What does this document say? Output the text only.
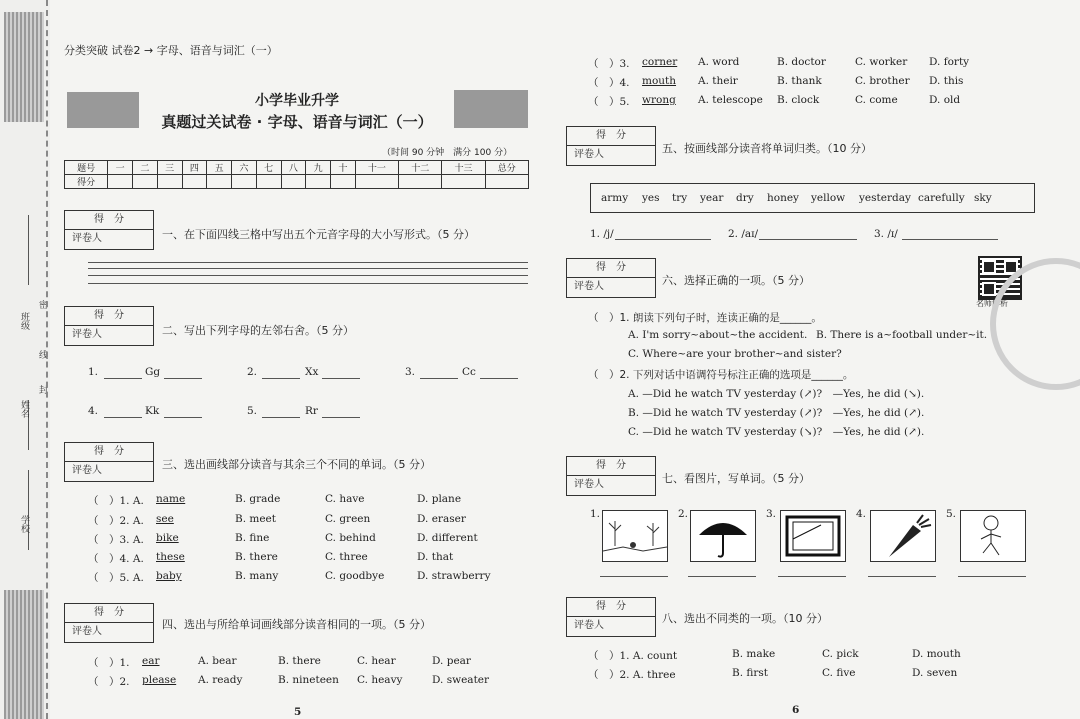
班级
姓名
密
封
线
学校
分类突破 试卷2 → 字母、语音与词汇（一）
小学毕业升学
真题过关试卷 · 字母、语音与词汇（一）
（时间 90 分钟　满分 100 分）
题号	一	二	三	四	五	六	七	八	九	十	十一	十二	十三	总分
得分														
得　分
评卷人	一、在下面四线三格中写出五个元音字母的大小写形式。（5 分）
得　分
评卷人	二、写出下列字母的左邻右舍。（5 分）
1.	Gg	2.	Xx	3.	Cc
4.	Kk	5.	Rr
得　分
评卷人	三、选出画线部分读音与其余三个不同的单词。（5 分）
（　）1. A. name	B. grade	C. have	D. plane
（　）2. A. see	B. meet	C. green	D. eraser
（　）3. A. bike	B. fine	C. behind	D. different
（　）4. A. these	B. there	C. three	D. that
（　）5. A. baby	B. many	C. goodbye	D. strawberry
得　分
评卷人
四、选出与所给单词画线部分读音相同的一项。（5 分）
（　）1. ear	A. bear	B. there	C. hear	D. pear
（　）2. please A. ready	B. nineteen C. heavy	D. sweater
5
（　）3. corner A. word	B. doctor	C. worker D. forty
（　）4. mouth A. their	B. thank	C. brother D. this
（　）5. wrong A. telescope B. clock	C. come	D. old
得　分
评卷人	五、按画线部分读音将单词归类。（10 分）
army yes try year dry honey yellow yesterday carefully sky
1. /j/	2. /aɪ/	3. /ɪ/
名师解析
得　分
评卷人	六、选择正确的一项。（5 分）
（　）1. 朗读下列句子时，连读正确的是______。
A. I'm sorry~about~the accident. B. There is a~football under~it.
C. Where~are your brother~and sister?
（　）2. 下列对话中语调符号标注正确的选项是______。
A. —Did he watch TV yesterday (↗)?　—Yes, he did (↘).
B. —Did he watch TV yesterday (↗)?　—Yes, he did (↗).
C. —Did he watch TV yesterday (↘)?　—Yes, he did (↗).
得　分
评卷人	七、看图片，写单词。（5 分）
1.	2.	3.	4.	5.
得　分
评卷人
八、选出不同类的一项。（10 分）
（　）1. A. count	B. make	C. pick	D. mouth
（　）2. A. three	B. first	C. five	D. seven
6
